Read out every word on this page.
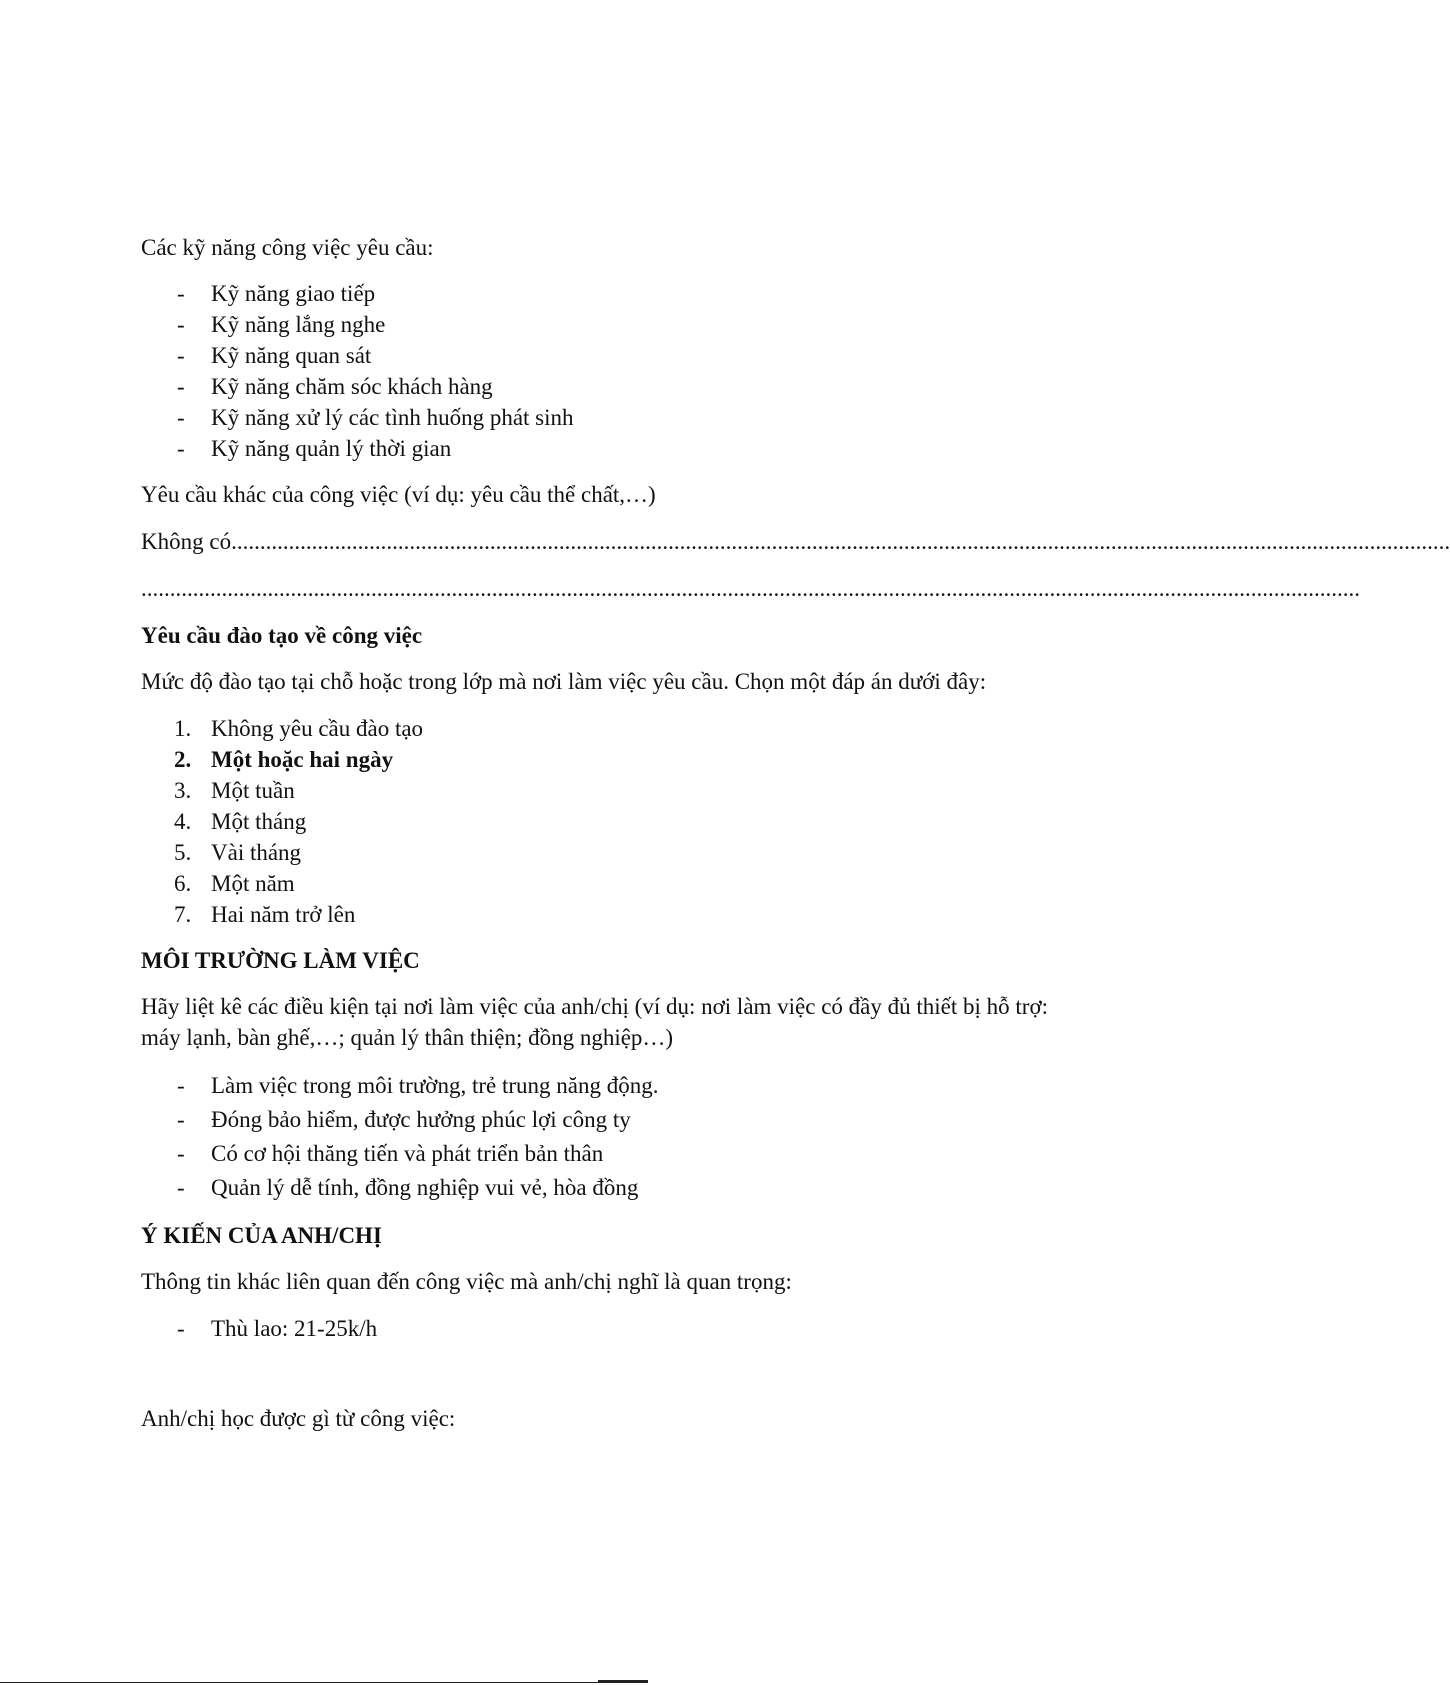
Các kỹ năng công việc yêu cầu:

- Kỹ năng giao tiếp
- Kỹ năng lắng nghe
- Kỹ năng quan sát
- Kỹ năng chăm sóc khách hàng
- Kỹ năng xử lý các tình huống phát sinh
- Kỹ năng quản lý thời gian

Yêu cầu khác của công việc (ví dụ: yêu cầu thể chất,…)

Không có....................................................................................................................................................................................................................

....................................................................................................................................................................................................................

Yêu cầu đào tạo về công việc

Mức độ đào tạo tại chỗ hoặc trong lớp mà nơi làm việc yêu cầu. Chọn một đáp án dưới đây:

1. Không yêu cầu đào tạo
2. Một hoặc hai ngày
3. Một tuần
4. Một tháng
5. Vài tháng
6. Một năm
7. Hai năm trở lên

MÔI TRƯỜNG LÀM VIỆC

Hãy liệt kê các điều kiện tại nơi làm việc của anh/chị (ví dụ: nơi làm việc có đầy đủ thiết bị hỗ trợ: máy lạnh, bàn ghế,…; quản lý thân thiện; đồng nghiệp…)

- Làm việc trong môi trường, trẻ trung năng động.
- Đóng bảo hiểm, được hưởng phúc lợi công ty
- Có cơ hội thăng tiến và phát triển bản thân
- Quản lý dễ tính, đồng nghiệp vui vẻ, hòa đồng

Ý KIẾN CỦA ANH/CHỊ

Thông tin khác liên quan đến công việc mà anh/chị nghĩ là quan trọng:

- Thù lao: 21-25k/h

Anh/chị học được gì từ công việc:
